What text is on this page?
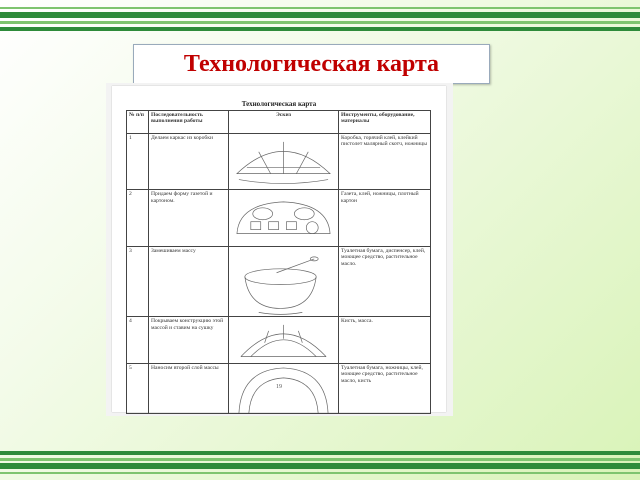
Технологическая карта
Технологическая карта
№ п/п	Последовательность выполнения работы	Эскиз	Инструменты, оборудование, материалы
1	Делаем каркас из коробки		Коробка, горячий клей, клейкий пистолет малярный скотч, ножницы
2	Придаем форму газетой и картоном.		Газета, клей, ножницы, плотный картон
3	Замешиваем массу		Туалетная бумага, диспенсер, клей, моющее средство, растительное масло.
4	Покрываем конструкцию этой массой и ставим на сушку		Кисть, масса.
5	Наносим второй слой массы		Туалетная бумага, ножницы, клей, моющее средство, растительное масло, кисть
19
